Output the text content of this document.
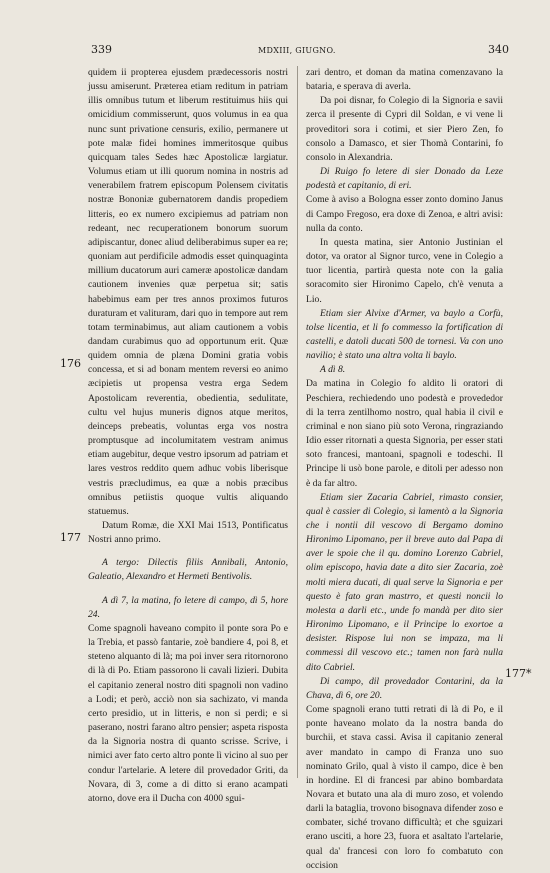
339	MDXIII, GIUGNO.	340
176
177
177*

quidem ii propterea ejusdem prædecessoris nostri jussu amiserunt. Præterea etiam reditum in patriam illis omnibus tutum et liberum restituimus hiis qui omicidium commisserunt, quos volumus in ea qua nunc sunt privatione censuris, exilio, permanere ut pote malæ fidei homines immeritosque quibus quicquam tales Sedes hæc Apostolicæ largiatur. Volumus etiam ut illi quorum nomina in nostris ad venerabilem fratrem episcopum Polensem civitatis nostræ Bononiæ gubernatorem dandis propediem litteris, eo ex numero excipiemus ad patriam non redeant, nec recuperationem bonorum suorum adipiscantur, donec aliud deliberabimus super ea re; quoniam aut perdificile admodis esset quinquaginta millium ducatorum auri cameræ apostolicæ dandam cautionem invenies quæ perpetua sit; satis habebimus eam per tres annos proximos futuros duraturam et valituram, dari quo in tempore aut rem totam terminabimus, aut aliam cautionem a vobis dandam curabimus quo ad opportunum erit. Quæ quidem omnia de plæna Domini gratia vobis concessa, et si ad bonam mentem reversi eo animo æcipietis ut propensa vestra erga Sedem Apostolicam reverentia, obedientia, sedulitate, cultu vel hujus muneris dignos atque meritos, deinceps prebeatis, voluntas erga vos nostra promptusque ad incolumitatem vestram animus etiam augebitur, deque vestro ipsorum ad patriam et lares vestros reddito quem adhuc vobis liberisque vestris præcludimus, ea quæ a nobis præcibus omnibus petiistis quoque vultis aliquando statuemus.

Datum Romæ, die XXI Mai 1513, Pontificatus Nostri anno primo.

A tergo: Dilectis filiis Annibali, Antonio, Galeatio, Alexandro et Hermeti Bentivolis.

A dì 7, la matina, fo letere di campo, dì 5, hore 24.

Come spagnoli haveano compito il ponte sora Po e la Trebia, et passò fantarie, zoè bandiere 4, poi 8, et steteno alquanto di là; ma poi inver sera ritornorono di là di Po. Etiam passorono li cavali lizieri. Dubita el capitanio zeneral nostro diti spagnoli non vadino a Lodi; et però, acciò non sia sachizato, vi manda certo presidio, ut in litteris, e non si perdi; e si paserano, nostri farano altro pensier; aspeta risposta da la Signoria nostra di quanto scrisse. Scrive, i nimici aver fato certo altro ponte lì vicino al suo per condur l'artelarie. A letere dil provedador Griti, da Novara, di 3, come a di ditto si erano acampati atorno, dove era il Ducha con 4000 sgui-

zari dentro, et doman da matina comenzavano la bataria, e sperava di averla.

Da poi disnar, fo Colegio di la Signoria e savii zerca il presente di Cypri dil Soldan, e vi vene li proveditori sora i cotimi, et sier Piero Zen, fo consolo a Damasco, et sier Thomà Contarini, fo consolo in Alexandria.

Di Ruigo fo letere di sier Donado da Leze podestà et capitanio, di eri.

Come à aviso a Bologna esser zonto domino Janus di Campo Fregoso, era doxe di Zenoa, e altri avisi: nulla da conto.

In questa matina, sier Antonio Justinian el dotor, va orator al Signor turco, vene in Colegio a tuor licentia, partirà questa note con la galia soracomito sier Hironimo Capelo, ch'è venuta a Lio.

Etiam sier Alvixe d'Armer, va baylo a Corfù, tolse licentia, et li fo commesso la fortification di castelli, e datoli ducati 500 de tornesi. Va con uno navilio; è stato una altra volta li baylo.

A dì 8.

Da matina in Colegio fo aldito li oratori di Peschiera, rechiedendo uno podestà e provededor di la terra zentilhomo nostro, qual habia il civil e criminal e non siano più soto Verona, ringraziando Idio esser ritornati a questa Signoria, per esser stati soto francesi, mantoani, spagnoli e todeschi. Il Principe li usò bone parole, e ditoli per adesso non è da far altro.

Etiam sier Zacaria Cabriel, rimasto consier, qual è cassier di Colegio, si lamentò a la Signoria che i nontii dil vescovo di Bergamo domino Hironimo Lipomano, per il breve auto dal Papa di aver le spoie che il qu. domino Lorenzo Cabriel, olim episcopo, havia date a dito sier Zacaria, zoè molti miera ducati, di qual serve la Signoria e per questo è fato gran mastrro, et questi noncii lo molesta a darli etc., unde fo mandà per dito sier Hironimo Lipomano, e il Principe lo exortoe a desister. Rispose lui non se impaza, ma li commessi dil vescovo etc.; tamen non farà nulla dito Cabriel.

Di campo, dil provedador Contarini, da la Chava, dì 6, ore 20.

Come spagnoli erano tutti retrati di là di Po, e il ponte haveano molato da la nostra banda do burchii, et stava cassi. Avisa il capitanio zeneral aver mandato in campo di Franza uno suo nominato Grilo, qual à visto il campo, dice è ben in hordine. El di francesi par abino bombardata Novara et butato una ala di muro zoso, et volendo darli la bataglia, trovono bisognava difender zoso e combater, siché trovano difficultà; et che sguizari erano usciti, a hore 23, fuora et asaltato l'artelarie, qual da' francesi con loro fo combatuto con occision
